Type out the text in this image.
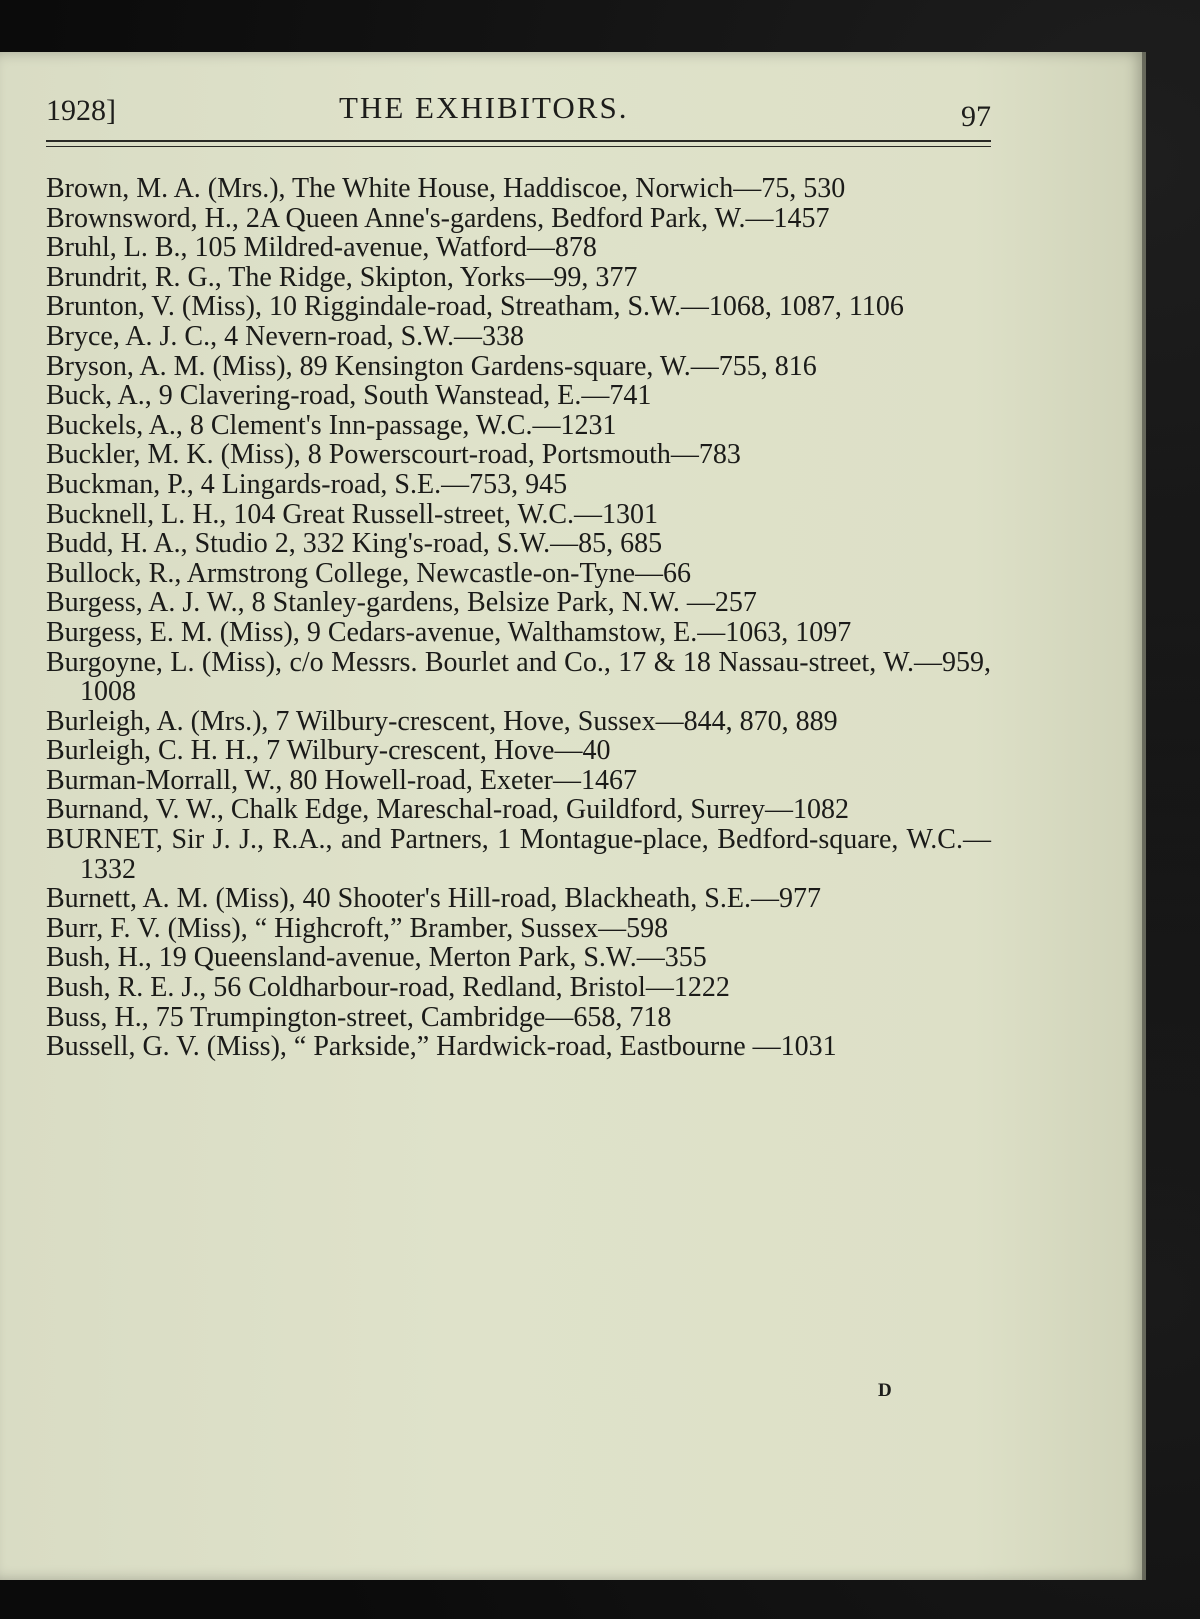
1928]	THE EXHIBITORS.	97

Brown, M. A. (Mrs.), The White House, Haddiscoe, Norwich—75, 530

Brownsword, H., 2A Queen Anne's-gardens, Bedford Park, W.—1457

Bruhl, L. B., 105 Mildred-avenue, Watford—878

Brundrit, R. G., The Ridge, Skipton, Yorks—99, 377

Brunton, V. (Miss), 10 Riggindale-road, Streatham, S.W.—1068, 1087, 1106

Bryce, A. J. C., 4 Nevern-road, S.W.—338

Bryson, A. M. (Miss), 89 Kensington Gardens-square, W.—755, 816

Buck, A., 9 Clavering-road, South Wanstead, E.—741

Buckels, A., 8 Clement's Inn-passage, W.C.—1231

Buckler, M. K. (Miss), 8 Powerscourt-road, Portsmouth—783

Buckman, P., 4 Lingards-road, S.E.—753, 945

Bucknell, L. H., 104 Great Russell-street, W.C.—1301

Budd, H. A., Studio 2, 332 King's-road, S.W.—85, 685

Bullock, R., Armstrong College, Newcastle-on-Tyne—66

Burgess, A. J. W., 8 Stanley-gardens, Belsize Park, N.W. —257

Burgess, E. M. (Miss), 9 Cedars-avenue, Walthamstow, E.—1063, 1097

Burgoyne, L. (Miss), c/o Messrs. Bourlet and Co., 17 & 18 Nassau-street, W.—959, 1008

Burleigh, A. (Mrs.), 7 Wilbury-crescent, Hove, Sussex—844, 870, 889

Burleigh, C. H. H., 7 Wilbury-crescent, Hove—40

Burman-Morrall, W., 80 Howell-road, Exeter—1467

Burnand, V. W., Chalk Edge, Mareschal-road, Guildford, Surrey—1082

BURNET, Sir J. J., R.A., and Partners, 1 Montague-place, Bedford-square, W.C.—1332

Burnett, A. M. (Miss), 40 Shooter's Hill-road, Blackheath, S.E.—977

Burr, F. V. (Miss), “ Highcroft,” Bramber, Sussex—598

Bush, H., 19 Queensland-avenue, Merton Park, S.W.—355

Bush, R. E. J., 56 Coldharbour-road, Redland, Bristol—1222

Buss, H., 75 Trumpington-street, Cambridge—658, 718

Bussell, G. V. (Miss), “ Parkside,” Hardwick-road, Eastbourne —1031

D
